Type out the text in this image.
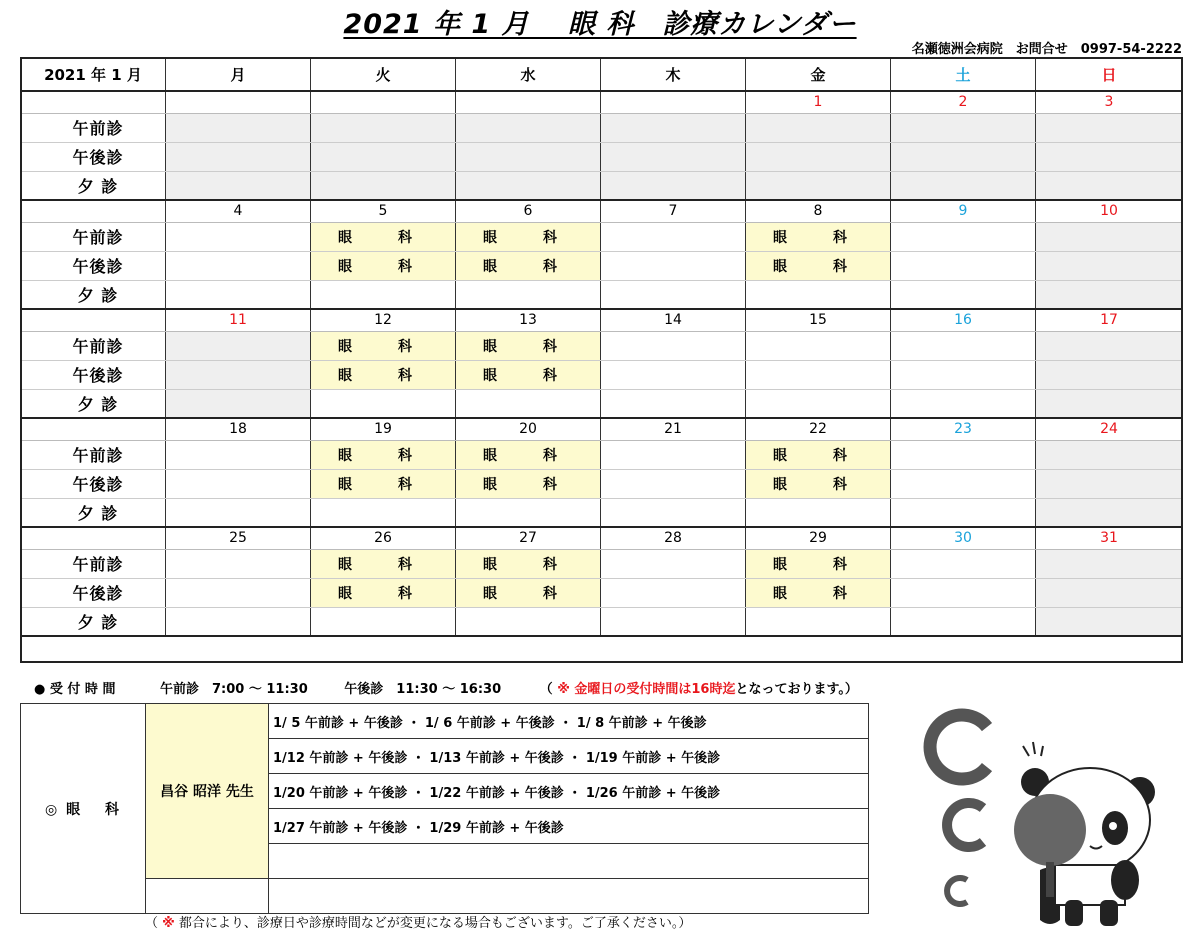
2021 年 1 月　 眼 科　診療カレンダー
名瀬徳洲会病院　お問合せ　0997-54-2222
2021 年 1 月	月	火	水	木	金	土	日
					1	2	3
午前診							
午後診							
夕 診							
	4	5	6	7	8	9	10
午前診		眼　科	眼　科		眼　科		
午後診		眼　科	眼　科		眼　科		
夕 診							
	11	12	13	14	15	16	17
午前診		眼　科	眼　科				
午後診		眼　科	眼　科				
夕 診							
	18	19	20	21	22	23	24
午前診		眼　科	眼　科		眼　科		
午後診		眼　科	眼　科		眼　科		
夕 診							
	25	26	27	28	29	30	31
午前診		眼　科	眼　科		眼　科		
午後診		眼　科	眼　科		眼　科		
夕 診							
● 受 付 時 間	午前診　7:00 ～ 11:30	午後診　11:30 ～ 16:30	（ ※ 金曜日の受付時間は16時迄となっております。）
◎ 眼　 科	昌谷 昭洋 先生	1/ 5 午前診 + 午後診 ・ 1/ 6 午前診 + 午後診 ・ 1/ 8 午前診 + 午後診
		1/12 午前診 + 午後診 ・ 1/13 午前診 + 午後診 ・ 1/19 午前診 + 午後診
		1/20 午前診 + 午後診 ・ 1/22 午前診 + 午後診 ・ 1/26 午前診 + 午後診
		1/27 午前診 + 午後診 ・ 1/29 午前診 + 午後診

（ ※ 都合により、診療日や診療時間などが変更になる場合もございます。ご了承ください。）
